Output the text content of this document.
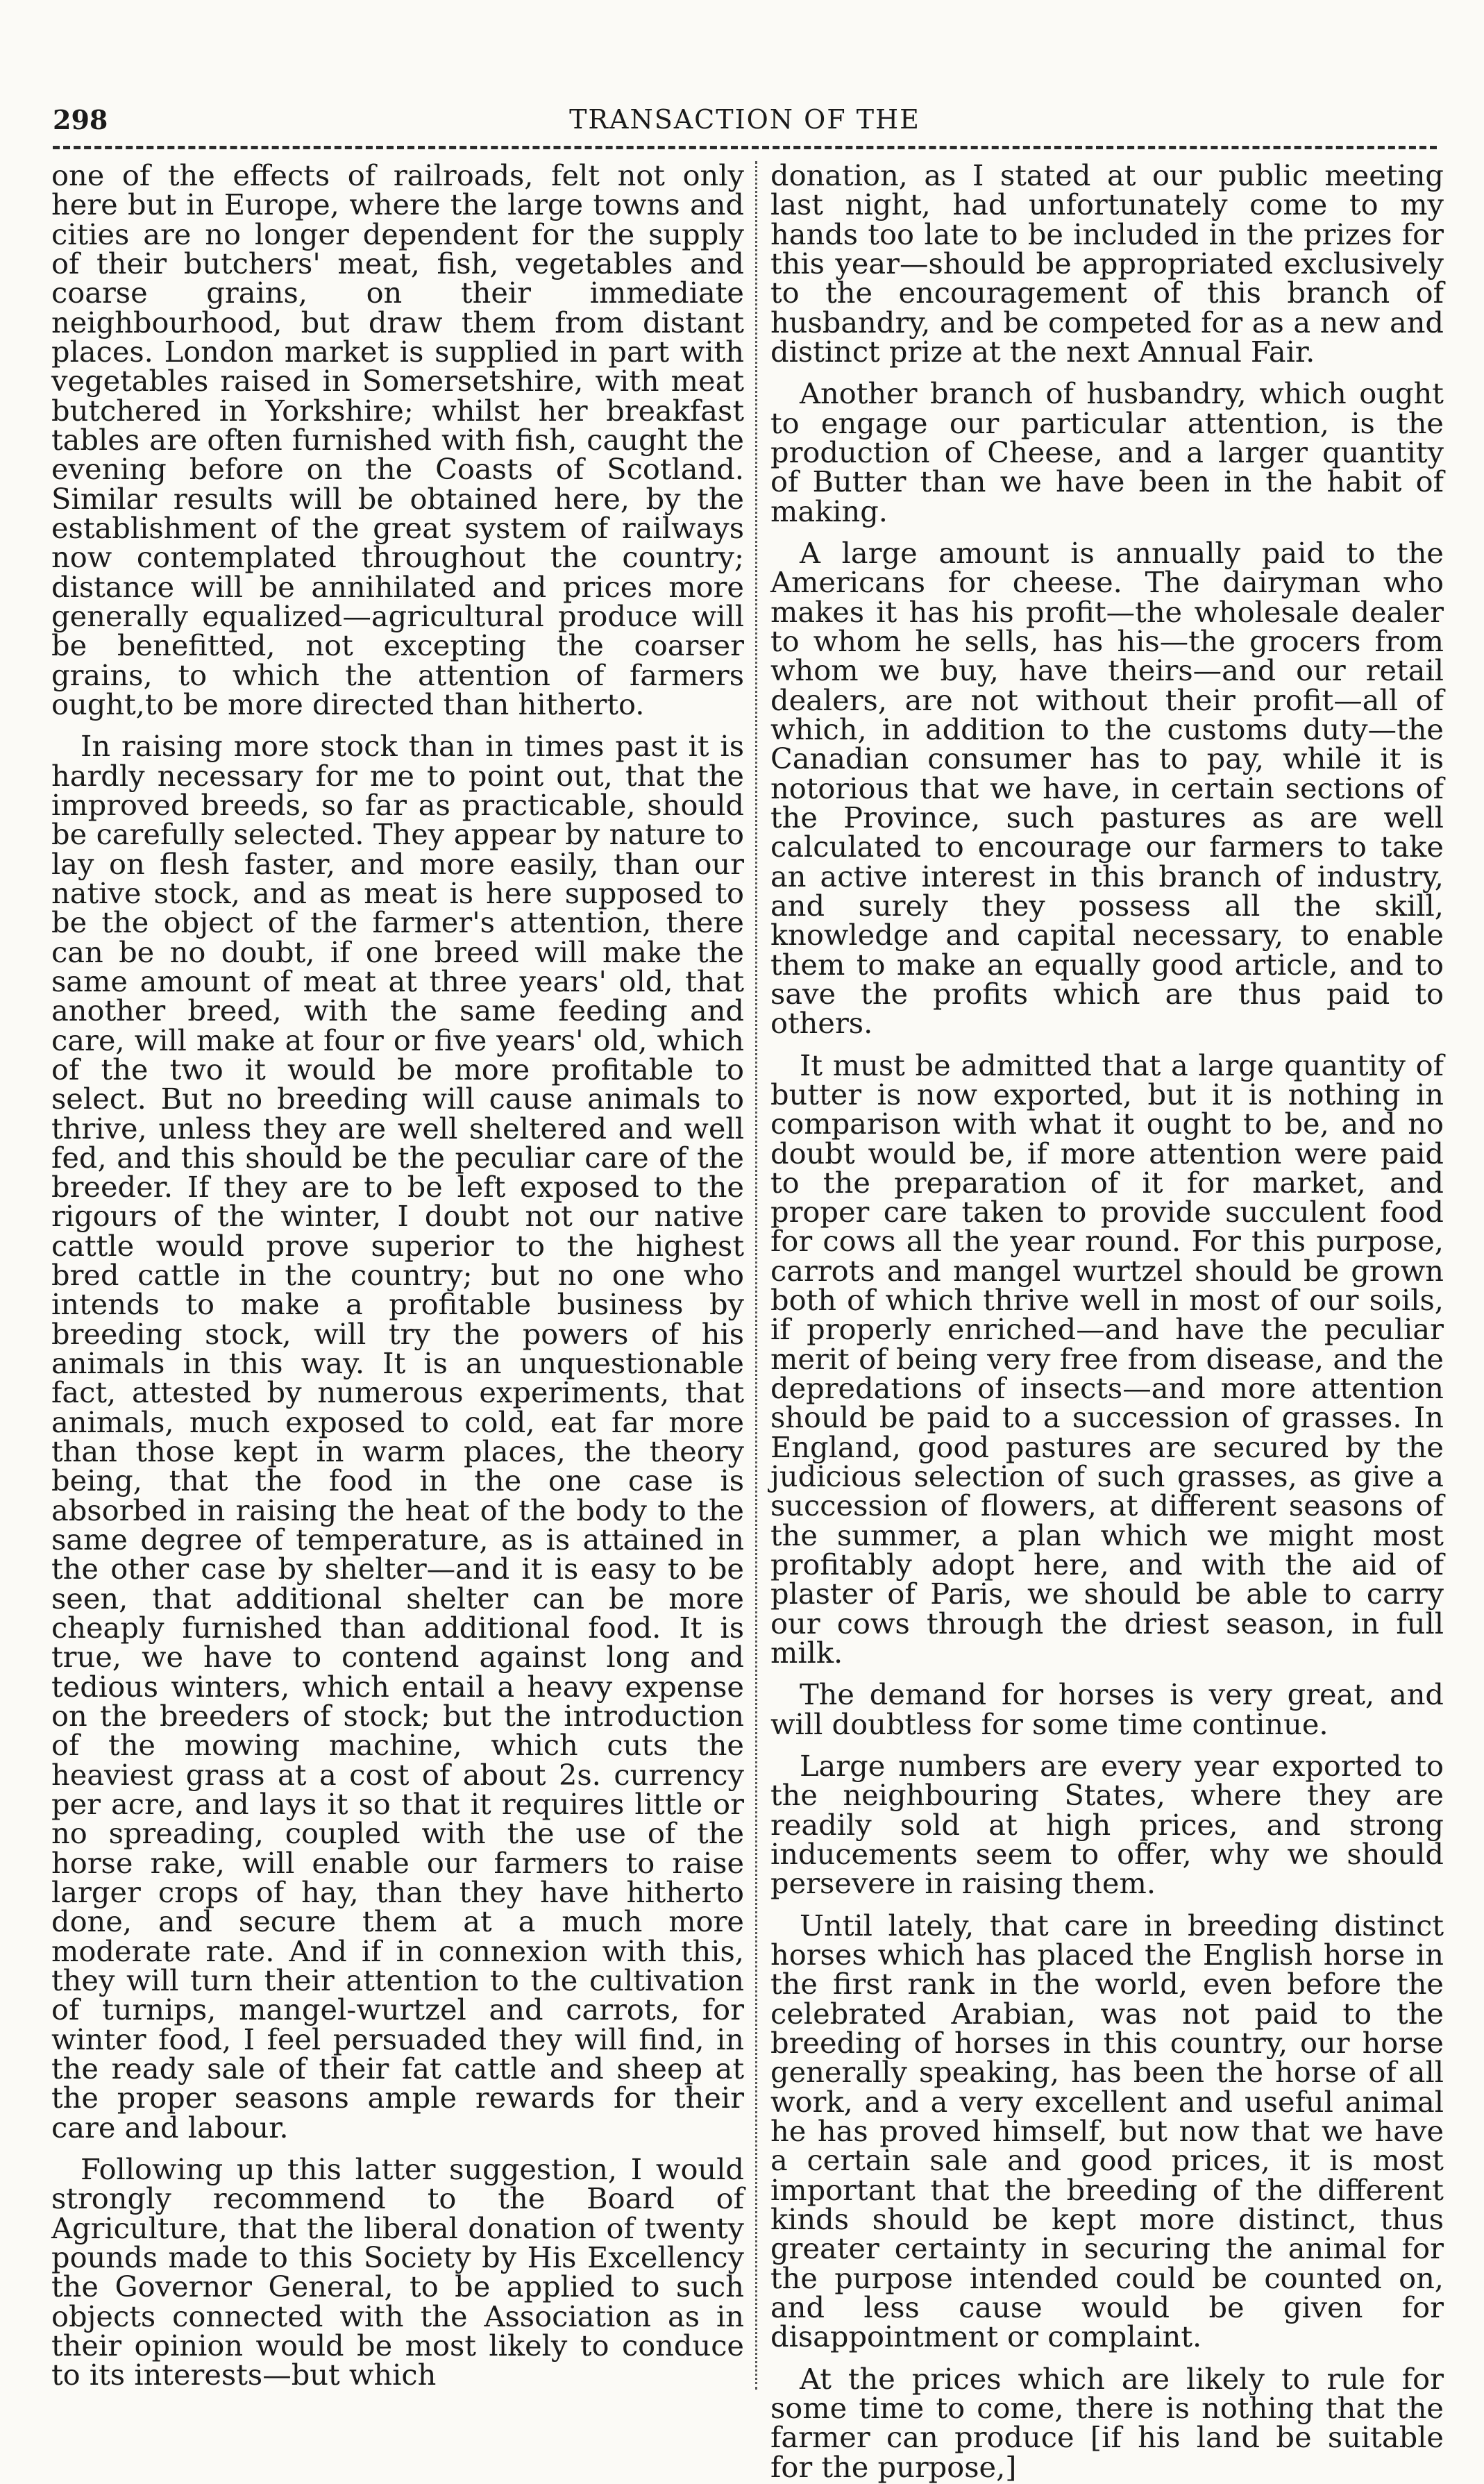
298	TRANSACTION OF THE

one of the effects of railroads, felt not only here but in Europe, where the large towns and cities are no longer dependent for the supply of their butchers' meat, fish, vegetables and coarse grains, on their immediate neighbourhood, but draw them from distant places. London market is supplied in part with vegetables raised in Somersetshire, with meat butchered in Yorkshire; whilst her breakfast tables are often furnished with fish, caught the evening before on the Coasts of Scotland. Similar results will be obtained here, by the establishment of the great system of railways now contemplated throughout the country; distance will be annihilated and prices more generally equalized—agricultural produce will be benefitted, not excepting the coarser grains, to which the attention of farmers ought,to be more directed than hitherto.

In raising more stock than in times past it is hardly necessary for me to point out, that the improved breeds, so far as practicable, should be carefully selected. They appear by nature to lay on flesh faster, and more easily, than our native stock, and as meat is here supposed to be the object of the farmer's attention, there can be no doubt, if one breed will make the same amount of meat at three years' old, that another breed, with the same feeding and care, will make at four or five years' old, which of the two it would be more profitable to select. But no breeding will cause animals to thrive, unless they are well sheltered and well fed, and this should be the peculiar care of the breeder. If they are to be left exposed to the rigours of the winter, I doubt not our native cattle would prove superior to the highest bred cattle in the country; but no one who intends to make a profitable business by breeding stock, will try the powers of his animals in this way. It is an unquestionable fact, attested by numerous experiments, that animals, much exposed to cold, eat far more than those kept in warm places, the theory being, that the food in the one case is absorbed in raising the heat of the body to the same degree of temperature, as is attained in the other case by shelter—and it is easy to be seen, that additional shelter can be more cheaply furnished than additional food. It is true, we have to contend against long and tedious winters, which entail a heavy expense on the breeders of stock; but the introduction of the mowing machine, which cuts the heaviest grass at a cost of about 2s. currency per acre, and lays it so that it requires little or no spreading, coupled with the use of the horse rake, will enable our farmers to raise larger crops of hay, than they have hitherto done, and secure them at a much more moderate rate. And if in connexion with this, they will turn their attention to the cultivation of turnips, mangel-wurtzel and carrots, for winter food, I feel persuaded they will find, in the ready sale of their fat cattle and sheep at the proper seasons ample rewards for their care and labour.

Following up this latter suggestion, I would strongly recommend to the Board of Agriculture, that the liberal donation of twenty pounds made to this Society by His Excellency the Governor General, to be applied to such objects connected with the Association as in their opinion would be most likely to conduce to its interests—but which

donation, as I stated at our public meeting last night, had unfortunately come to my hands too late to be included in the prizes for this year—should be appropriated exclusively to the encouragement of this branch of husbandry, and be competed for as a new and distinct prize at the next Annual Fair.

Another branch of husbandry, which ought to engage our particular attention, is the production of Cheese, and a larger quantity of Butter than we have been in the habit of making.

A large amount is annually paid to the Americans for cheese. The dairyman who makes it has his profit—the wholesale dealer to whom he sells, has his—the grocers from whom we buy, have theirs—and our retail dealers, are not without their profit—all of which, in addition to the customs duty—the Canadian consumer has to pay, while it is notorious that we have, in certain sections of the Province, such pastures as are well calculated to encourage our farmers to take an active interest in this branch of industry, and surely they possess all the skill, knowledge and capital necessary, to enable them to make an equally good article, and to save the profits which are thus paid to others.

It must be admitted that a large quantity of butter is now exported, but it is nothing in comparison with what it ought to be, and no doubt would be, if more attention were paid to the preparation of it for market, and proper care taken to provide succulent food for cows all the year round. For this purpose, carrots and mangel wurtzel should be grown both of which thrive well in most of our soils, if properly enriched—and have the peculiar merit of being very free from disease, and the depredations of insects—and more attention should be paid to a succession of grasses. In England, good pastures are secured by the judicious selection of such grasses, as give a succession of flowers, at different seasons of the summer, a plan which we might most profitably adopt here, and with the aid of plaster of Paris, we should be able to carry our cows through the driest season, in full milk.

The demand for horses is very great, and will doubtless for some time continue.

Large numbers are every year exported to the neighbouring States, where they are readily sold at high prices, and strong inducements seem to offer, why we should persevere in raising them.

Until lately, that care in breeding distinct horses which has placed the English horse in the first rank in the world, even before the celebrated Arabian, was not paid to the breeding of horses in this country, our horse generally speaking, has been the horse of all work, and a very excellent and useful animal he has proved himself, but now that we have a certain sale and good prices, it is most important that the breeding of the different kinds should be kept more distinct, thus greater certainty in securing the animal for the purpose intended could be counted on, and less cause would be given for disappointment or complaint.

At the prices which are likely to rule for some time to come, there is nothing that the farmer can produce [if his land be suitable for the purpose,]
